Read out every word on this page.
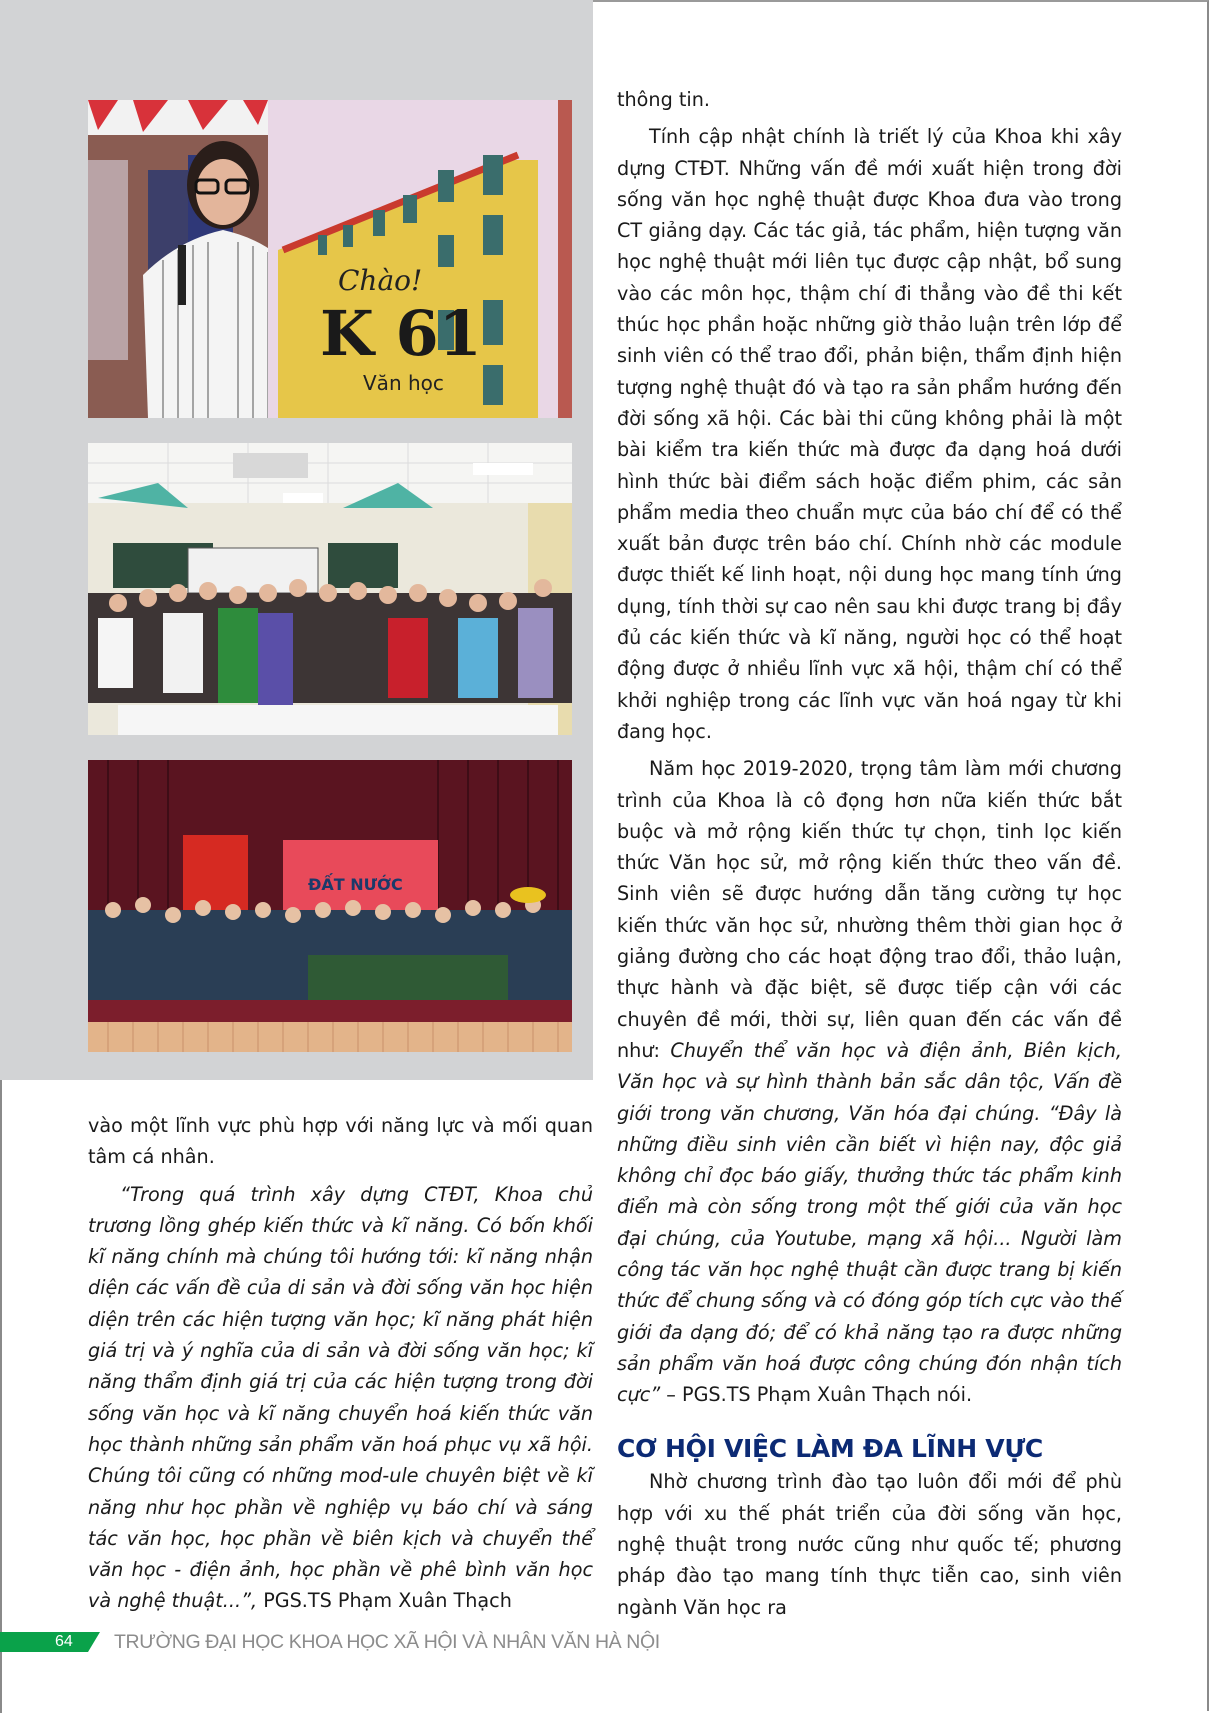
Chào!
K 61
Văn học
ĐẤT NƯỚC

thông tin.

Tính cập nhật chính là triết lý của Khoa khi xây dựng CTĐT. Những vấn đề mới xuất hiện trong đời sống văn học nghệ thuật được Khoa đưa vào trong CT giảng dạy. Các tác giả, tác phẩm, hiện tượng văn học nghệ thuật mới liên tục được cập nhật, bổ sung vào các môn học, thậm chí đi thẳng vào đề thi kết thúc học phần hoặc những giờ thảo luận trên lớp để sinh viên có thể trao đổi, phản biện, thẩm định hiện tượng nghệ thuật đó và tạo ra sản phẩm hướng đến đời sống xã hội. Các bài thi cũng không phải là một bài kiểm tra kiến thức mà được đa dạng hoá dưới hình thức bài điểm sách hoặc điểm phim, các sản phẩm media theo chuẩn mực của báo chí để có thể xuất bản được trên báo chí. Chính nhờ các module được thiết kế linh hoạt, nội dung học mang tính ứng dụng, tính thời sự cao nên sau khi được trang bị đầy đủ các kiến thức và kĩ năng, người học có thể hoạt động được ở nhiều lĩnh vực xã hội, thậm chí có thể khởi nghiệp trong các lĩnh vực văn hoá ngay từ khi đang học.

Năm học 2019-2020, trọng tâm làm mới chương trình của Khoa là cô đọng hơn nữa kiến thức bắt buộc và mở rộng kiến thức tự chọn, tinh lọc kiến thức Văn học sử, mở rộng kiến thức theo vấn đề. Sinh viên sẽ được hướng dẫn tăng cường tự học kiến thức văn học sử, nhường thêm thời gian học ở giảng đường cho các hoạt động trao đổi, thảo luận, thực hành và đặc biệt, sẽ được tiếp cận với các chuyên đề mới, thời sự, liên quan đến các vấn đề như: Chuyển thể văn học và điện ảnh, Biên kịch, Văn học và sự hình thành bản sắc dân tộc, Vấn đề giới trong văn chương, Văn hóa đại chúng. “Đây là những điều sinh viên cần biết vì hiện nay, độc giả không chỉ đọc báo giấy, thưởng thức tác phẩm kinh điển mà còn sống trong một thế giới của văn học đại chúng, của Youtube, mạng xã hội... Người làm công tác văn học nghệ thuật cần được trang bị kiến thức để chung sống và có đóng góp tích cực vào thế giới đa dạng đó; để có khả năng tạo ra được những sản phẩm văn hoá được công chúng đón nhận tích cực” – PGS.TS Phạm Xuân Thạch nói.

CƠ HỘI VIỆC LÀM ĐA LĨNH VỰC

Nhờ chương trình đào tạo luôn đổi mới để phù hợp với xu thế phát triển của đời sống văn học, nghệ thuật trong nước cũng như quốc tế; phương pháp đào tạo mang tính thực tiễn cao, sinh viên ngành Văn học ra

vào một lĩnh vực phù hợp với năng lực và mối quan tâm cá nhân.

“Trong quá trình xây dựng CTĐT, Khoa chủ trương lồng ghép kiến thức và kĩ năng. Có bốn khối kĩ năng chính mà chúng tôi hướng tới: kĩ năng nhận diện các vấn đề của di sản và đời sống văn học hiện diện trên các hiện tượng văn học; kĩ năng phát hiện giá trị và ý nghĩa của di sản và đời sống văn học; kĩ năng thẩm định giá trị của các hiện tượng trong đời sống văn học và kĩ năng chuyển hoá kiến thức văn học thành những sản phẩm văn hoá phục vụ xã hội. Chúng tôi cũng có những mod-ule chuyên biệt về kĩ năng như học phần về nghiệp vụ báo chí và sáng tác văn học, học phần về biên kịch và chuyển thể văn học - điện ảnh, học phần về phê bình văn học và nghệ thuật...”, PGS.TS Phạm Xuân Thạch

64 TRƯỜNG ĐẠI HỌC KHOA HỌC XÃ HỘI VÀ NHÂN VĂN HÀ NỘI
